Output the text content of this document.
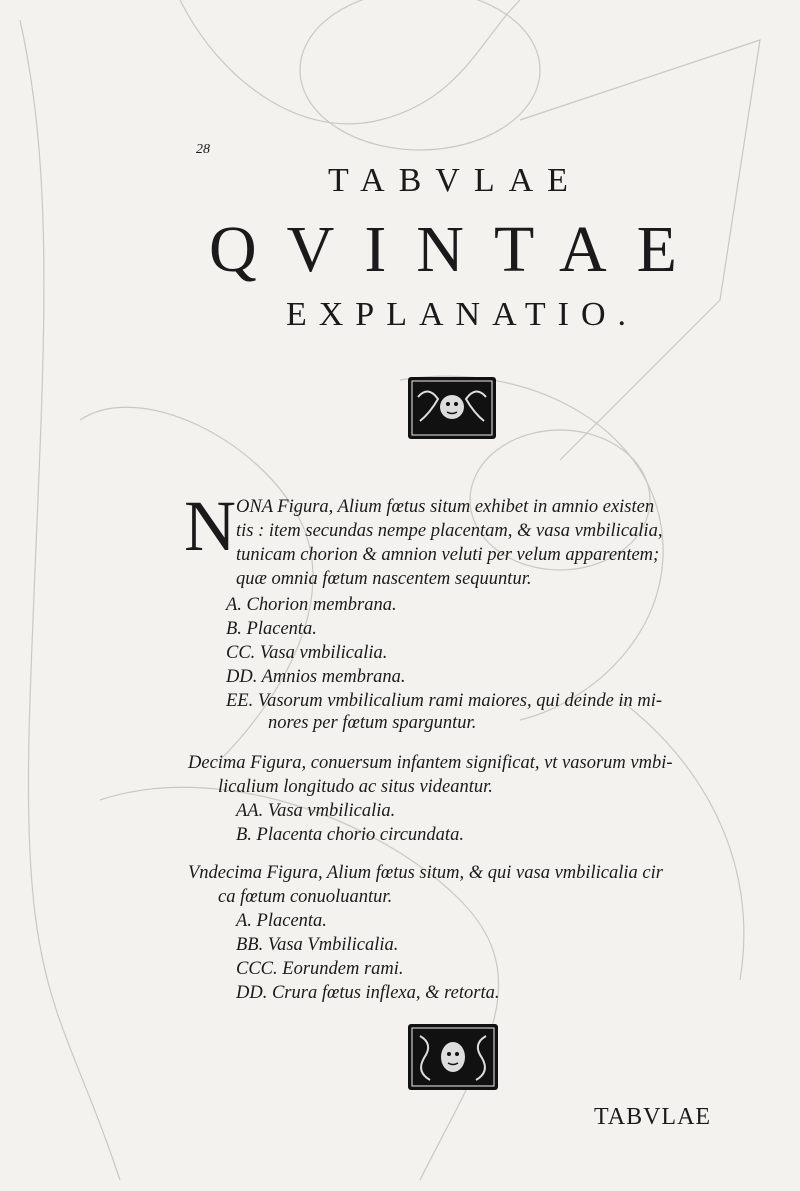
28
TABVLAE
QVINTAE
EXPLANATIO.
N ONA Figura, Alium fœtus situm exhibet in amnio existen
tis : item secundas nempe placentam, & vasa vmbilicalia,
tunicam chorion & amnion veluti per velum apparentem;
quæ omnia fœtum nascentem sequuntur.
A. Chorion membrana.
B. Placenta.
CC. Vasa vmbilicalia.
DD. Amnios membrana.
EE. Vasorum vmbilicalium rami maiores, qui deinde in mi-
nores per fœtum sparguntur.
Decima Figura, conuersum infantem significat, vt vasorum vmbi-
licalium longitudo ac situs videantur.
AA. Vasa vmbilicalia.
B. Placenta chorio circundata.
Vndecima Figura, Alium fœtus situm, & qui vasa vmbilicalia cir
ca fœtum conuoluantur.
A. Placenta.
BB. Vasa Vmbilicalia.
CCC. Eorundem rami.
DD. Crura fœtus inflexa, & retorta.
TABVLAE
